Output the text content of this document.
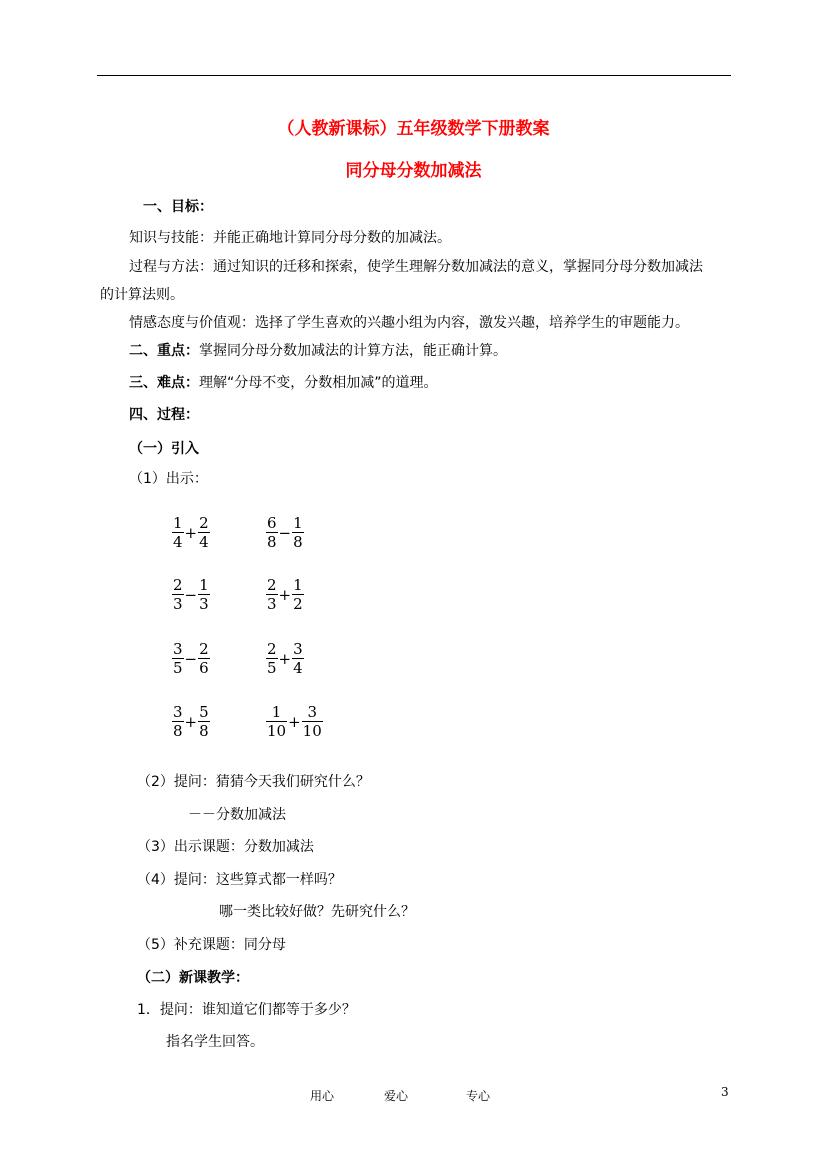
（人教新课标）五年级数学下册教案
同分母分数加减法
一、目标：
知识与技能：并能正确地计算同分母分数的加减法。
过程与方法：通过知识的迁移和探索，使学生理解分数加减法的意义，掌握同分母分数加减法
的计算法则。
情感态度与价值观：选择了学生喜欢的兴趣小组为内容，激发兴趣，培养学生的审题能力。
二、重点：掌握同分母分数加减法的计算方法，能正确计算。
三、难点：理解“分母不变，分数相加减”的道理。
四、过程：
（一）引入
（1）出示：
$\frac{1}{4} + \frac{2}{4}$	$\frac{6}{8} - \frac{1}{8}$
$\frac{2}{3} - \frac{1}{3}$	$\frac{2}{3} + \frac{1}{2}$
$\frac{3}{5} - \frac{2}{6}$	$\frac{2}{5} + \frac{3}{4}$
$\frac{3}{8} + \frac{5}{8}$	$\frac{1}{10} + \frac{3}{10}$
（2）提问：猜猜今天我们研究什么？
－－分数加减法
（3）出示课题：分数加减法
（4）提问：这些算式都一样吗？
哪一类比较好做？先研究什么？
（5）补充课题：同分母
（二）新课教学：
1．提问：谁知道它们都等于多少？
指名学生回答。
用心	爱心	专心	3
